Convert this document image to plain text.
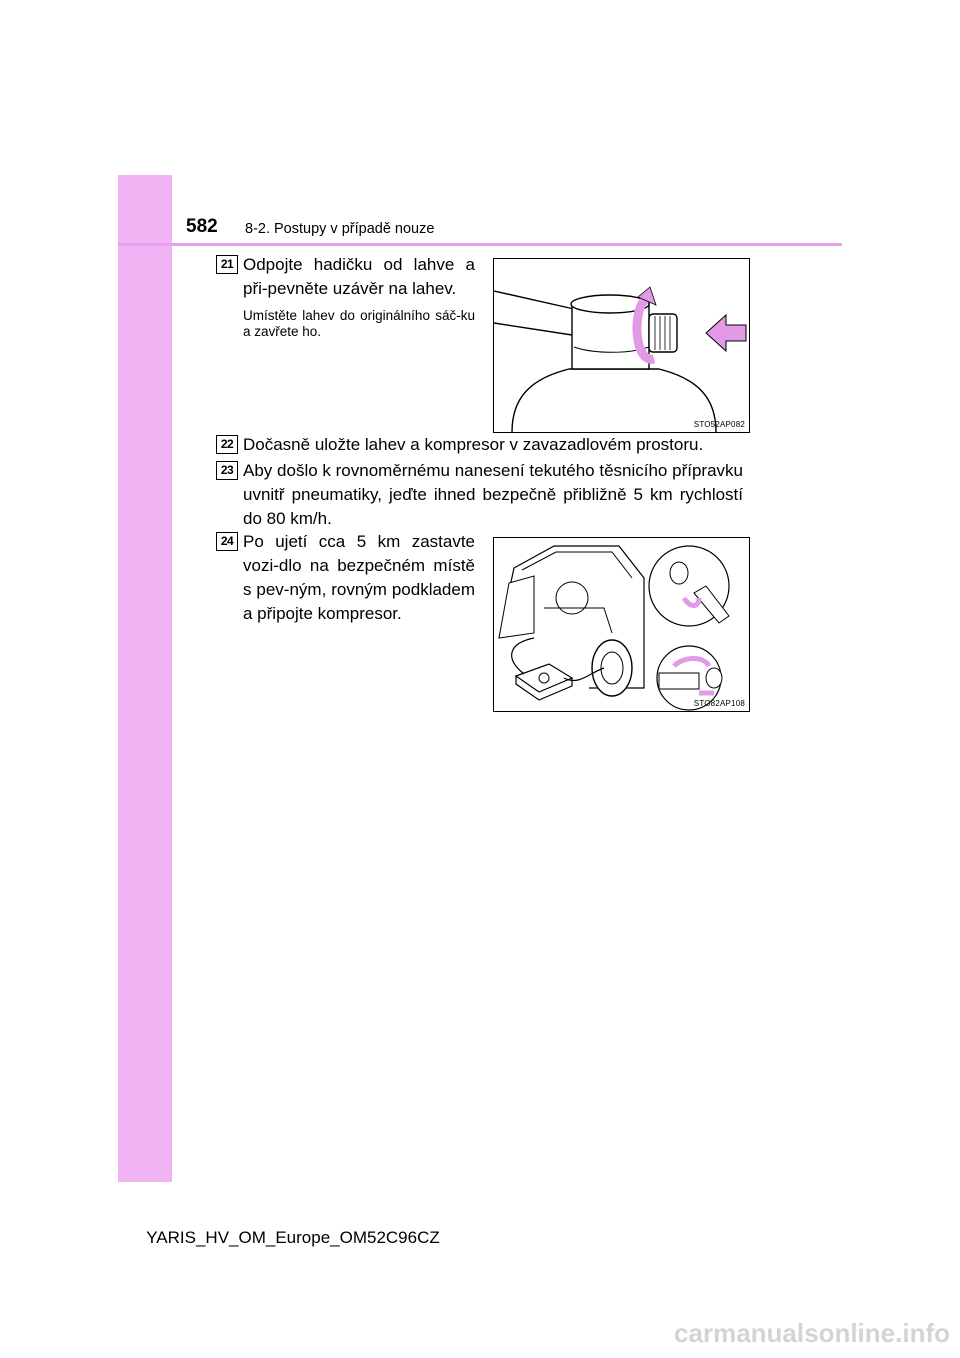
582 8-2. Postupy v případě nouze
21 Odpojte hadičku od lahve a při-pevněte uzávěr na lahev.
Umístěte lahev do originálního sáč-ku a zavřete ho.
STO52AP082
22 Dočasně uložte lahev a kompresor v zavazadlovém prostoru.
23 Aby došlo k rovnoměrnému nanesení tekutého těsnicího přípravku uvnitř pneumatiky, jeďte ihned bezpečně přibližně 5 km rychlostí do 80 km/h.
24 Po ujetí cca 5 km zastavte vozi-dlo na bezpečném místě s pev-ným, rovným podkladem a připojte kompresor.
STO82AP108
YARIS_HV_OM_Europe_OM52C96CZ
carmanualsonline.info
